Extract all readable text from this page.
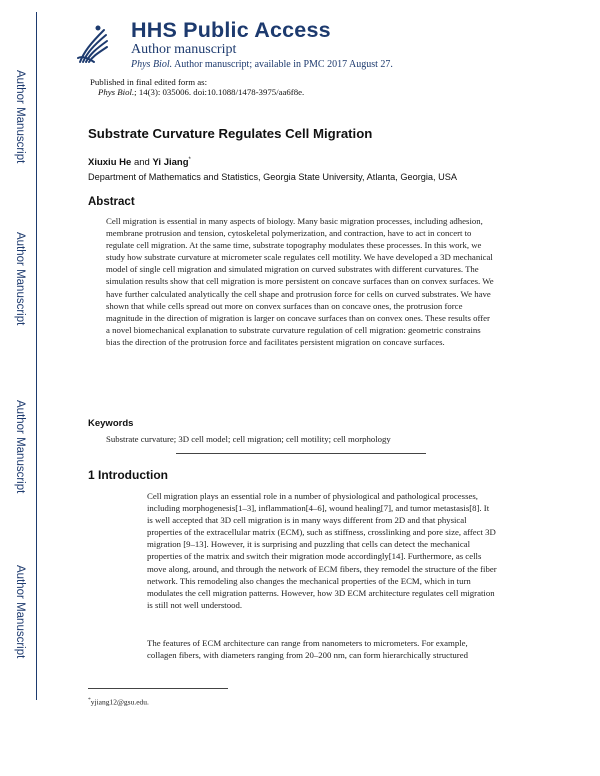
Author Manuscript
Author Manuscript
Author Manuscript
Author Manuscript
HHS Public Access
Author manuscript
Phys Biol. Author manuscript; available in PMC 2017 August 27.
Published in final edited form as:
Phys Biol.; 14(3): 035006. doi:10.1088/1478-3975/aa6f8e.
Substrate Curvature Regulates Cell Migration
Xiuxiu He and Yi Jiang*
Department of Mathematics and Statistics, Georgia State University, Atlanta, Georgia, USA
Abstract
Cell migration is essential in many aspects of biology. Many basic migration processes, including adhesion, membrane protrusion and tension, cytoskeletal polymerization, and contraction, have to act in concert to regulate cell migration. At the same time, substrate topography modulates these processes. In this work, we study how substrate curvature at micrometer scale regulates cell motility. We have developed a 3D mechanical model of single cell migration and simulated migration on curved substrates with different curvatures. The simulation results show that cell migration is more persistent on concave surfaces than on convex surfaces. We have further calculated analytically the cell shape and protrusion force for cells on curved substrates. We have shown that while cells spread out more on convex surfaces than on concave ones, the protrusion force magnitude in the direction of migration is larger on concave surfaces than on convex ones. These results offer a novel biomechanical explanation to substrate curvature regulation of cell migration: geometric constrains bias the direction of the protrusion force and facilitates persistent migration on concave surfaces.
Keywords
Substrate curvature; 3D cell model; cell migration; cell motility; cell morphology
1 Introduction
Cell migration plays an essential role in a number of physiological and pathological processes, including morphogenesis[1–3], inflammation[4–6], wound healing[7], and tumor metastasis[8]. It is well accepted that 3D cell migration is in many ways different from 2D and that physical properties of the extracellular matrix (ECM), such as stiffness, crosslinking and pore size, affect 3D migration [9–13]. However, it is surprising and puzzling that cells can detect the mechanical properties of the matrix and switch their migration mode accordingly[14]. Furthermore, as cells move along, around, and through the network of ECM fibers, they remodel the structure of the fiber network. This remodeling also changes the mechanical properties of the ECM, which in turn modulates the cell migration patterns. However, how 3D ECM architecture regulates cell migration is still not well understood.
The features of ECM architecture can range from nanometers to micrometers. For example, collagen fibers, with diameters ranging from 20–200 nm, can form hierarchically structured
*yjiang12@gsu.edu.
